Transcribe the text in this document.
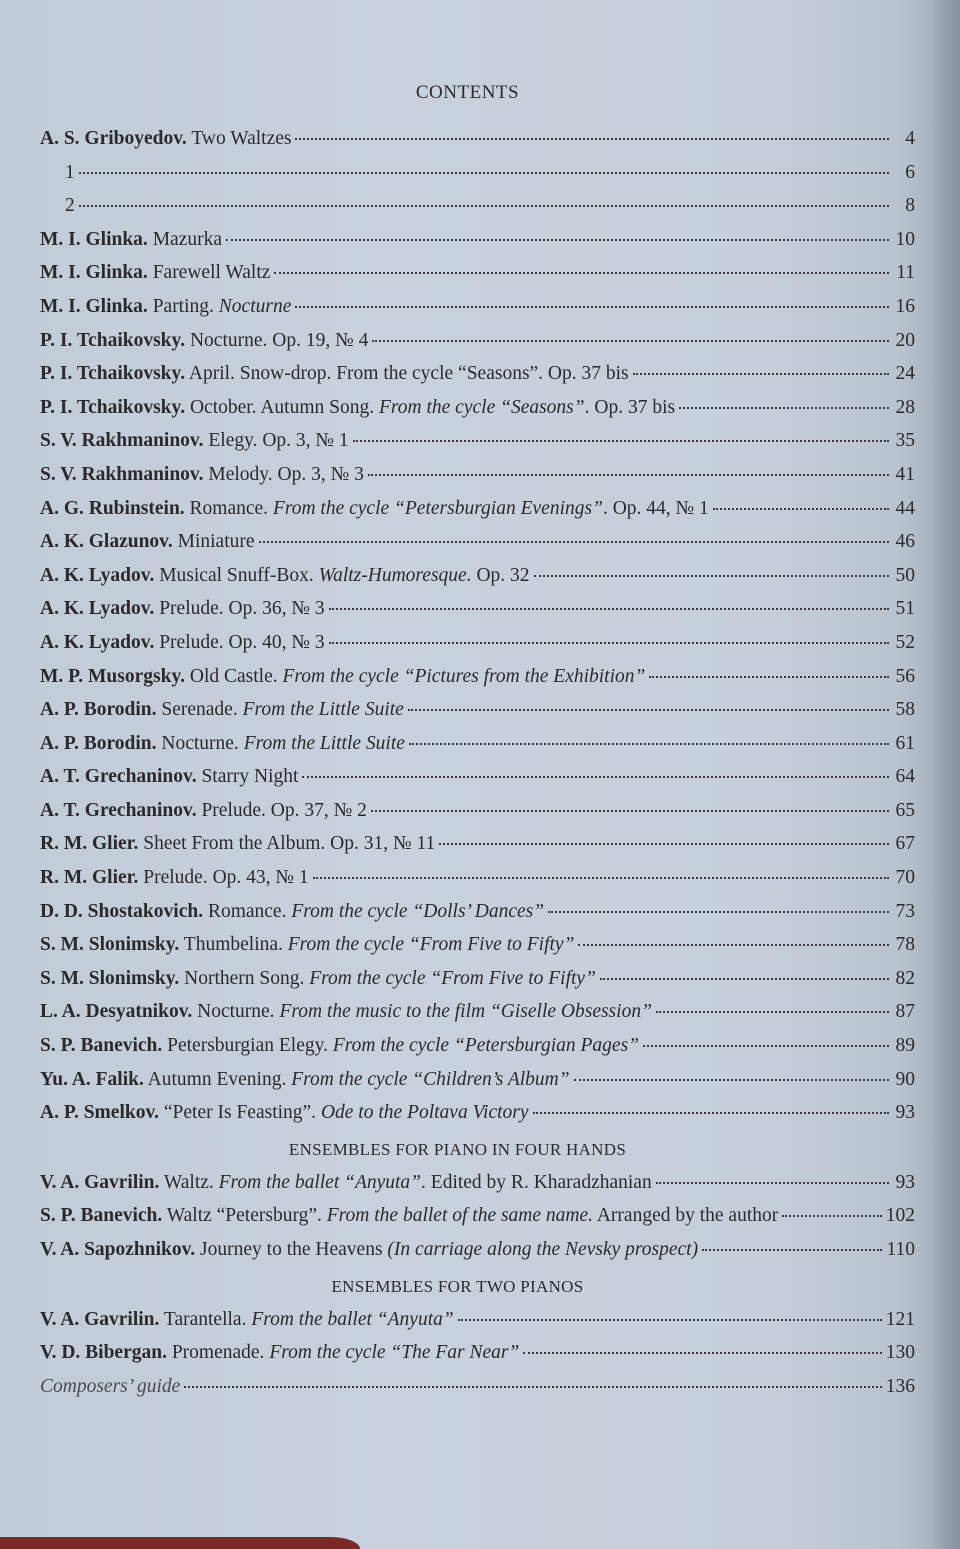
CONTENTS
A. S. Griboyedov. Two Waltzes	4
1	6
2	8
M. I. Glinka. Mazurka	10
M. I. Glinka. Farewell Waltz	11
M. I. Glinka. Parting. Nocturne	16
P. I. Tchaikovsky. Nocturne. Op. 19, № 4	20
P. I. Tchaikovsky. April. Snow-drop. From the cycle “Seasons”. Op. 37 bis	24
P. I. Tchaikovsky. October. Autumn Song. From the cycle “Seasons”. Op. 37 bis	28
S. V. Rakhmaninov. Elegy. Op. 3, № 1	35
S. V. Rakhmaninov. Melody. Op. 3, № 3	41
A. G. Rubinstein. Romance. From the cycle “Petersburgian Evenings”. Op. 44, № 1	44
A. K. Glazunov. Miniature	46
A. K. Lyadov. Musical Snuff-Box. Waltz-Humoresque. Op. 32	50
A. K. Lyadov. Prelude. Op. 36, № 3	51
A. K. Lyadov. Prelude. Op. 40, № 3	52
M. P. Musorgsky. Old Castle. From the cycle “Pictures from the Exhibition”	56
A. P. Borodin. Serenade. From the Little Suite	58
A. P. Borodin. Nocturne. From the Little Suite	61
A. T. Grechaninov. Starry Night	64
A. T. Grechaninov. Prelude. Op. 37, № 2	65
R. M. Glier. Sheet From the Album. Op. 31, № 11	67
R. M. Glier. Prelude. Op. 43, № 1	70
D. D. Shostakovich. Romance. From the cycle “Dolls’ Dances”	73
S. M. Slonimsky. Thumbelina. From the cycle “From Five to Fifty”	78
S. M. Slonimsky. Northern Song. From the cycle “From Five to Fifty”	82
L. A. Desyatnikov. Nocturne. From the music to the film “Giselle Obsession”	87
S. P. Banevich. Petersburgian Elegy. From the cycle “Petersburgian Pages”	89
Yu. A. Falik. Autumn Evening. From the cycle “Children’s Album”	90
A. P. Smelkov. “Peter Is Feasting”. Ode to the Poltava Victory	93
ENSEMBLES FOR PIANO IN FOUR HANDS
V. A. Gavrilin. Waltz. From the ballet “Anyuta”. Edited by R. Kharadzhanian	93
S. P. Banevich. Waltz “Petersburg”. From the ballet of the same name. Arranged by the author	102
V. A. Sapozhnikov. Journey to the Heavens (In carriage along the Nevsky prospect)	110
ENSEMBLES FOR TWO PIANOS
V. A. Gavrilin. Tarantella. From the ballet “Anyuta”	121
V. D. Bibergan. Promenade. From the cycle “The Far Near”	130
Composers’ guide	136
